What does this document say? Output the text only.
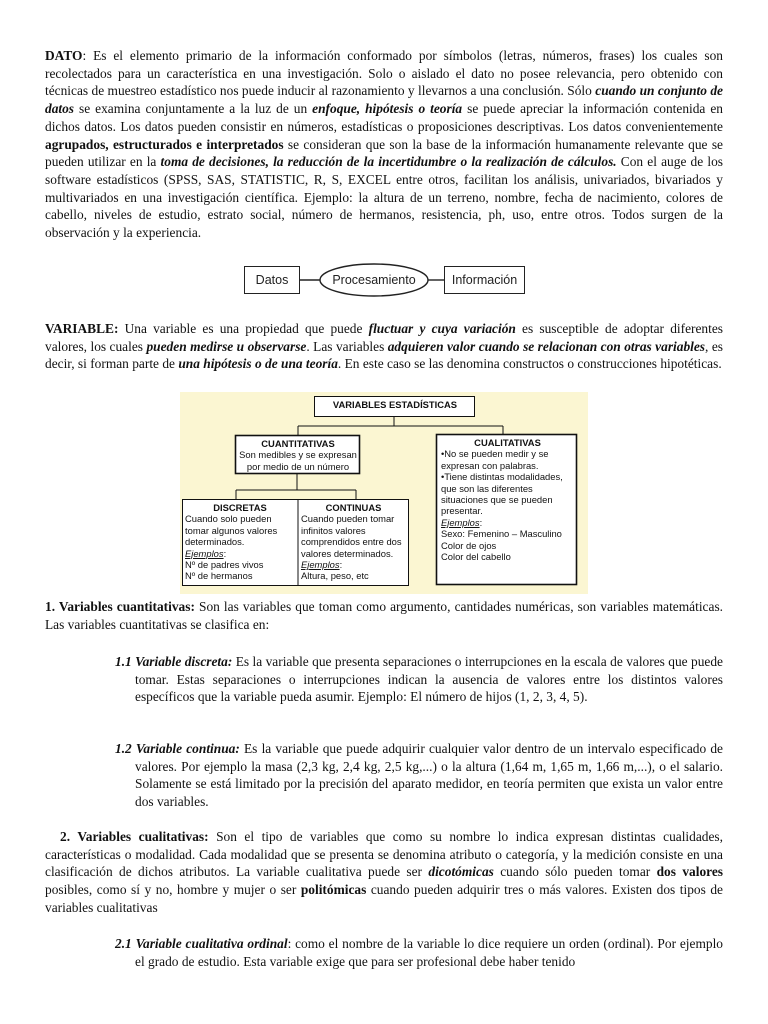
DATO: Es el elemento primario de la información conformado por símbolos (letras, números, frases) los cuales son recolectados para un característica en una investigación. Solo o aislado el dato no posee relevancia, pero obtenido con técnicas de muestreo estadístico nos puede inducir al razonamiento y llevarnos a una conclusión. Sólo cuando un conjunto de datos se examina conjuntamente a la luz de un enfoque, hipótesis o teoría se puede apreciar la información contenida en dichos datos. Los datos pueden consistir en números, estadísticas o proposiciones descriptivas. Los datos convenientemente agrupados, estructurados e interpretados se consideran que son la base de la información humanamente relevante que se pueden utilizar en la toma de decisiones, la reducción de la incertidumbre o la realización de cálculos. Con el auge de los software estadísticos (SPSS, SAS, STATISTIC, R, S, EXCEL entre otros, facilitan los análisis, univariados, bivariados y multivariados en una investigación científica. Ejemplo: la altura de un terreno, nombre, fecha de nacimiento, colores de cabello, niveles de estudio, estrato social, número de hermanos, resistencia, ph, uso, entre otros. Todos surgen de la observación y la experiencia.

Datos	Procesamiento	Información

VARIABLE: Una variable es una propiedad que puede fluctuar y cuya variación es susceptible de adoptar diferentes valores, los cuales pueden medirse u observarse. Las variables adquieren valor cuando se relacionan con otras variables, es decir, si forman parte de una hipótesis o de una teoría. En este caso se las denomina constructos o construcciones hipotéticas.

VARIABLES ESTADÍSTICAS
CUANTITATIVAS
Son medibles y se expresan por medio de un número
CUALITATIVAS
•No se pueden medir y se expresan con palabras.
•Tiene distintas modalidades, que son las diferentes situaciones que se pueden presentar.
Ejemplos:
Sexo: Femenino – Masculino
Color de ojos
Color del cabello
DISCRETAS
Cuando solo pueden tomar algunos valores determinados.
Ejemplos:
Nº de padres vivos
Nº de hermanos
CONTINUAS
Cuando pueden tomar infinitos valores comprendidos entre dos valores determinados.
Ejemplos:
Altura, peso, etc

1. Variables cuantitativas: Son las variables que toman como argumento, cantidades numéricas, son variables matemáticas. Las variables cuantitativas se clasifica en:

1.1 Variable discreta: Es la variable que presenta separaciones o interrupciones en la escala de valores que puede tomar. Estas separaciones o interrupciones indican la ausencia de valores entre los distintos valores específicos que la variable pueda asumir. Ejemplo: El número de hijos (1, 2, 3, 4, 5).

1.2 Variable continua: Es la variable que puede adquirir cualquier valor dentro de un intervalo especificado de valores. Por ejemplo la masa (2,3 kg, 2,4 kg, 2,5 kg,...) o la altura (1,64 m, 1,65 m, 1,66 m,...), o el salario. Solamente se está limitado por la precisión del aparato medidor, en teoría permiten que exista un valor entre dos variables.

2. Variables cualitativas: Son el tipo de variables que como su nombre lo indica expresan distintas cualidades, características o modalidad. Cada modalidad que se presenta se denomina atributo o categoría, y la medición consiste en una clasificación de dichos atributos. La variable cualitativa puede ser dicotómicas cuando sólo pueden tomar dos valores posibles, como sí y no, hombre y mujer o ser politómicas cuando pueden adquirir tres o más valores. Existen dos tipos de variables cualitativas

2.1 Variable cualitativa ordinal: como el nombre de la variable lo dice requiere un orden (ordinal). Por ejemplo el grado de estudio. Esta variable exige que para ser profesional debe haber tenido
